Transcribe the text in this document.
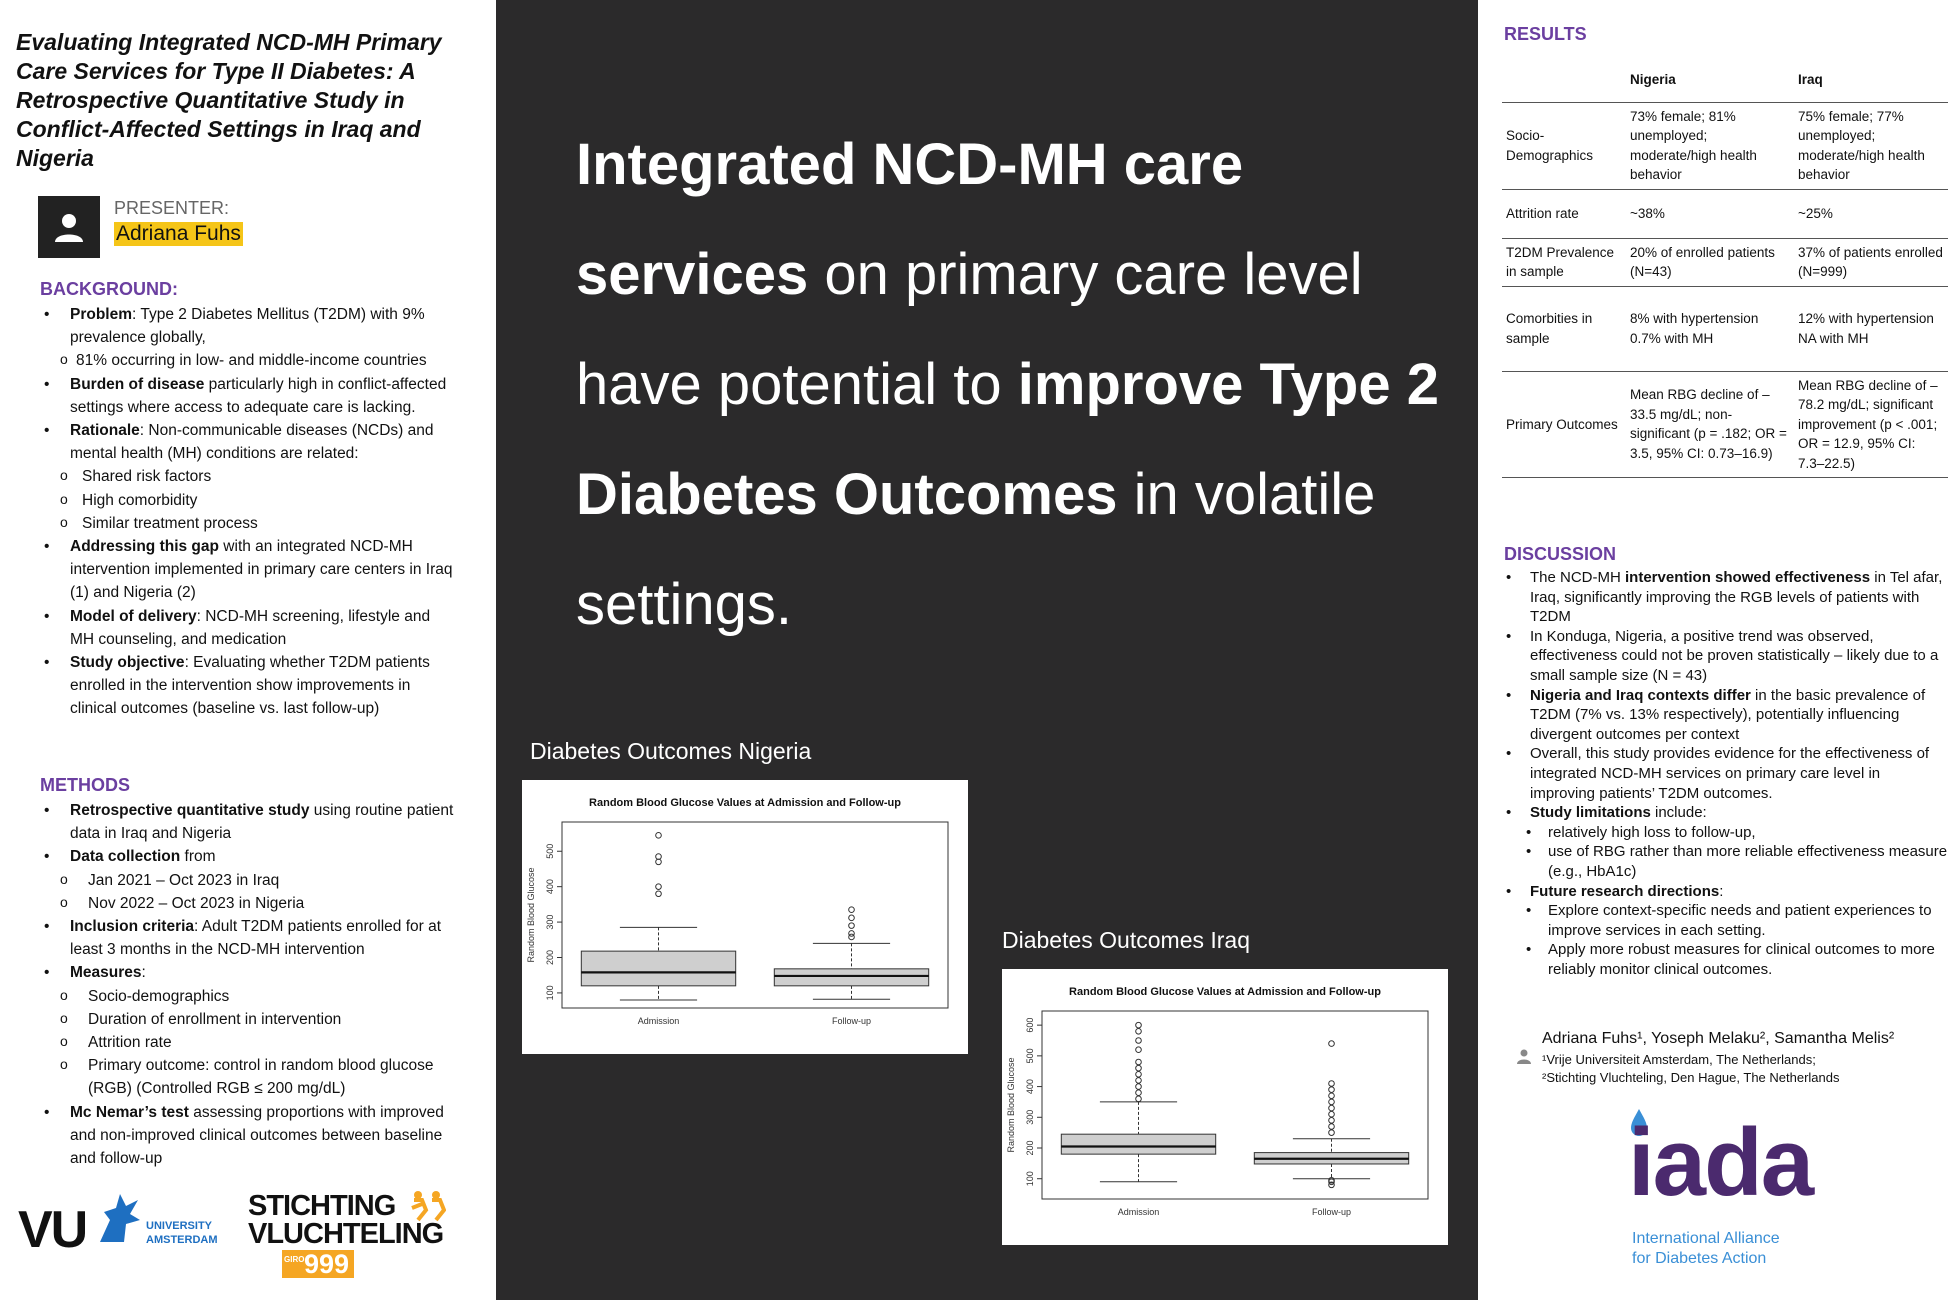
Evaluating Integrated NCD-MH Primary Care Services for Type II Diabetes: A Retrospective Quantitative Study in Conflict-Affected Settings in Iraq and Nigeria
PRESENTER:
Adriana Fuhs
BACKGROUND:
• Problem: Type 2 Diabetes Mellitus (T2DM) with 9% prevalence globally,
o 81% occurring in low- and middle-income countries
• Burden of disease particularly high in conflict-affected settings where access to adequate care is lacking.
• Rationale: Non-communicable diseases (NCDs) and mental health (MH) conditions are related:
o Shared risk factors
o High comorbidity
o Similar treatment process
• Addressing this gap with an integrated NCD-MH intervention implemented in primary care centers in Iraq (1) and Nigeria (2)
• Model of delivery: NCD-MH screening, lifestyle and MH counseling, and medication
• Study objective: Evaluating whether T2DM patients enrolled in the intervention show improvements in clinical outcomes (baseline vs. last follow-up)
METHODS
• Retrospective quantitative study using routine patient data in Iraq and Nigeria
• Data collection from
o Jan 2021 – Oct 2023 in Iraq
o Nov 2022 – Oct 2023 in Nigeria
• Inclusion criteria: Adult T2DM patients enrolled for at least 3 months in the NCD-MH intervention
• Measures:
o Socio-demographics
o Duration of enrollment in intervention
o Attrition rate
o Primary outcome: control in random blood glucose (RGB) (Controlled RGB ≤ 200 mg/dL)
• Mc Nemar’s test assessing proportions with improved and non-improved clinical outcomes between baseline and follow-up
VU	UNIVERSITY
AMSTERDAM
STICHTING
VLUCHTELING
GIRO 999
Integrated NCD-MH care services on primary care level have potential to improve Type 2 Diabetes Outcomes in volatile settings.
Diabetes Outcomes Nigeria
Random Blood Glucose Values at Admission and Follow-up
Random Blood Glucose
100
200
300
400
500
Admission	Follow-up
Diabetes Outcomes Iraq
Random Blood Glucose Values at Admission and Follow-up
Random Blood Glucose
100
200
300
400
500
600
Admission	Follow-up
RESULTS
	Nigeria	Iraq
Socio-Demographics	73% female; 81% unemployed; moderate/high health behavior	75% female; 77% unemployed; moderate/high health behavior
Attrition rate	~38%	~25%
T2DM Prevalence in sample	20% of enrolled patients (N=43)	37% of patients enrolled (N=999)
Comorbities in sample	8% with hypertension 0.7% with MH	12% with hypertension NA with MH
Primary Outcomes	Mean RBG decline of –33.5 mg/dL; non-significant (p = .182; OR = 3.5, 95% CI: 0.73–16.9)	Mean RBG decline of –78.2 mg/dL; significant improvement (p < .001; OR = 12.9, 95% CI: 7.3–22.5)
DISCUSSION
• The NCD-MH intervention showed effectiveness in Tel afar, Iraq, significantly improving the RGB levels of patients with T2DM
• In Konduga, Nigeria, a positive trend was observed, effectiveness could not be proven statistically – likely due to a small sample size (N = 43)
• Nigeria and Iraq contexts differ in the basic prevalence of T2DM (7% vs. 13% respectively), potentially influencing divergent outcomes per context
• Overall, this study provides evidence for the effectiveness of integrated NCD-MH services on primary care level in improving patients’ T2DM outcomes.
• Study limitations include:
• relatively high loss to follow-up,
• use of RBG rather than more reliable effectiveness measure (e.g., HbA1c)
• Future research directions:
• Explore context-specific needs and patient experiences to improve services in each setting.
• Apply more robust measures for clinical outcomes to more reliably monitor clinical outcomes.
Adriana Fuhs¹, Yoseph Melaku², Samantha Melis²
¹Vrije Universiteit Amsterdam, The Netherlands;
²Stichting Vluchteling, Den Hague, The Netherlands
iada
International Alliance
for Diabetes Action
